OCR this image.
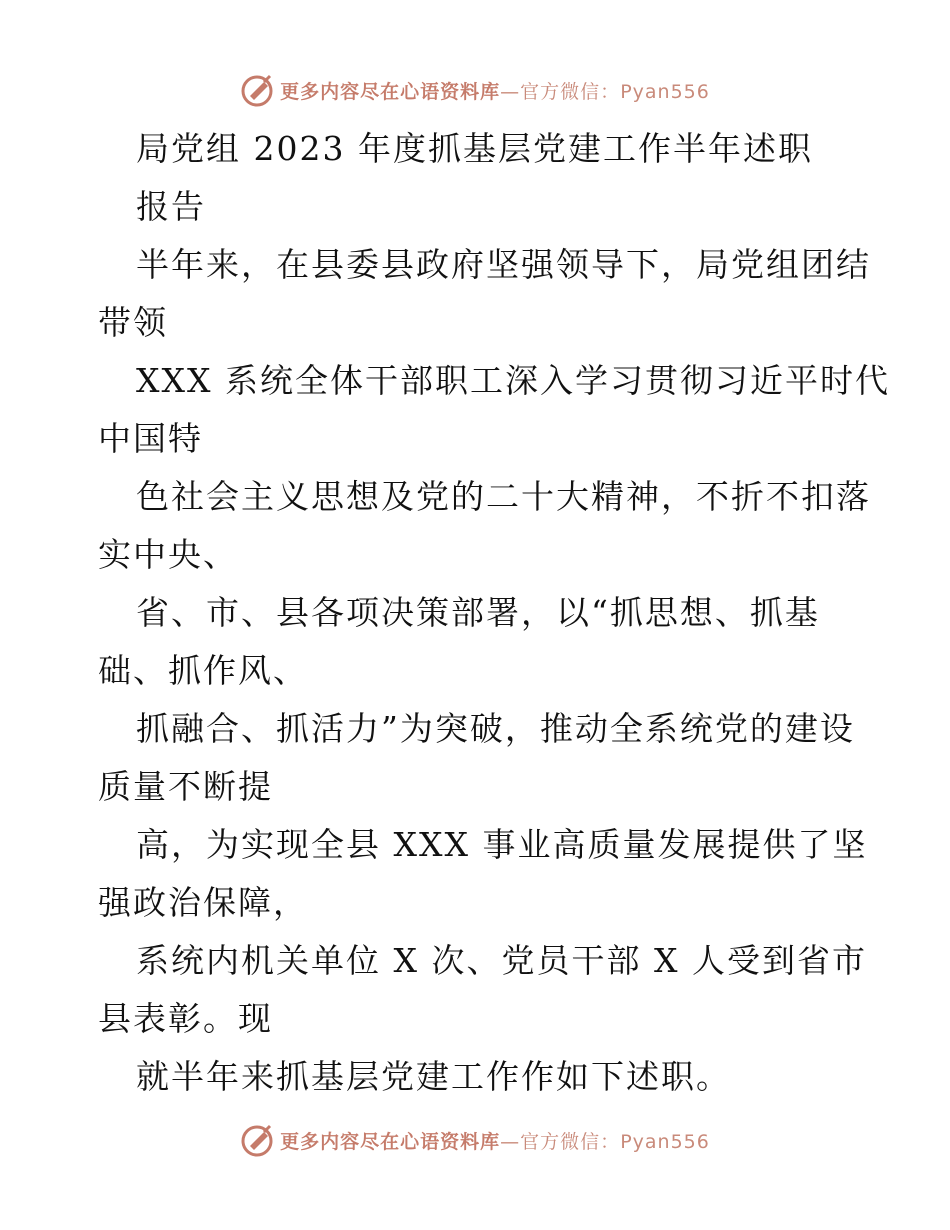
更多内容尽在心语资料库—官方微信：Pyan556
局党组 2023 年度抓基层党建工作半年述职
报告
半年来，在县委县政府坚强领导下，局党组团结
带领
XXX 系统全体干部职工深入学习贯彻习近平时代
中国特
色社会主义思想及党的二十大精神，不折不扣落
实中央、
省、市、县各项决策部署，以“抓思想、抓基
础、抓作风、
抓融合、抓活力”为突破，推动全系统党的建设
质量不断提
高，为实现全县 XXX 事业高质量发展提供了坚
强政治保障，
系统内机关单位 X 次、党员干部 X 人受到省市
县表彰。现
就半年来抓基层党建工作作如下述职。
更多内容尽在心语资料库—官方微信：Pyan556
